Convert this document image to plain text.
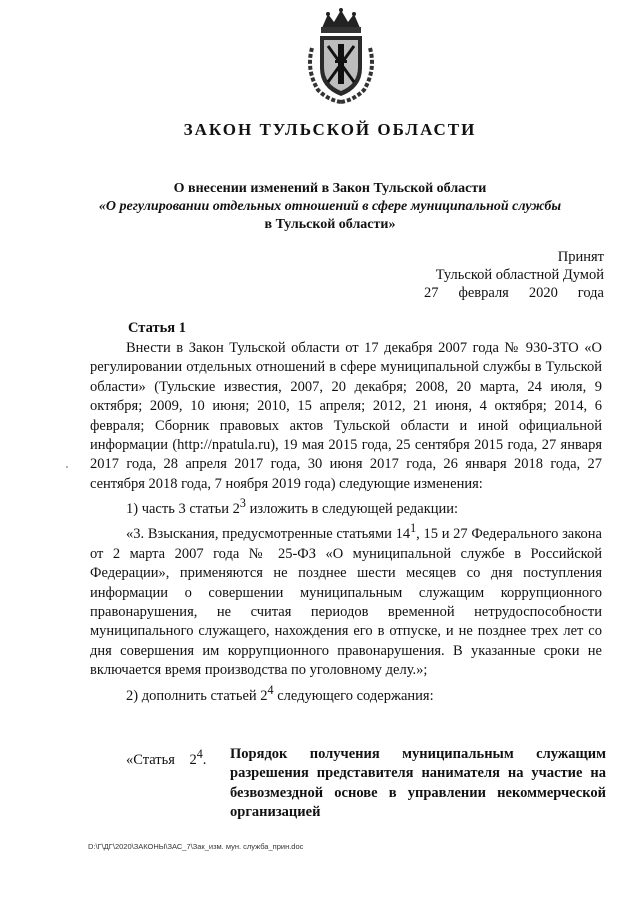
ЗАКОН ТУЛЬСКОЙ ОБЛАСТИ
О внесении изменений в Закон Тульской области
«О регулировании отдельных отношений в сфере муниципальной службы
в Тульской области»
Принят
Тульской областной Думой
27 февраля 2020 года
Статья 1

Внести в Закон Тульской области от 17 декабря 2007 года № 930-ЗТО «О регулировании отдельных отношений в сфере муниципальной службы в Тульской области» (Тульские известия, 2007, 20 декабря; 2008, 20 марта, 24 июля, 9 октября; 2009, 10 июня; 2010, 15 апреля; 2012, 21 июня, 4 октября; 2014, 6 февраля; Сборник правовых актов Тульской области и иной официальной информации (http://npatula.ru), 19 мая 2015 года, 25 сентября 2015 года, 27 января 2017 года, 28 апреля 2017 года, 30 июня 2017 года, 26 января 2018 года, 27 сентября 2018 года, 7 ноября 2019 года) следующие изменения:

1) часть 3 статьи $2^3$ изложить в следующей редакции:

«3. Взыскания, предусмотренные статьями $14^1$, 15 и 27 Федерального закона от 2 марта 2007 года № 25-ФЗ «О муниципальной службе в Российской Федерации», применяются не позднее шести месяцев со дня поступления информации о совершении муниципальным служащим коррупционного правонарушения, не считая периодов временной нетрудоспособности муниципального служащего, нахождения его в отпуске, и не позднее трех лет со дня совершения им коррупционного правонарушения. В указанные сроки не включается время производства по уголовному делу.»;

2) дополнить статьей $2^4$ следующего содержания:

«Статья $2^4$.	Порядок получения муниципальным служащим
разрешения представителя нанимателя на участие на
безвозмездной основе в управлении некоммерческой
организацией
D:\Г\ДГ\2020\ЗАКОНЫ\ЗАС_7\Зак_изм. мун. служба_прин.doc
